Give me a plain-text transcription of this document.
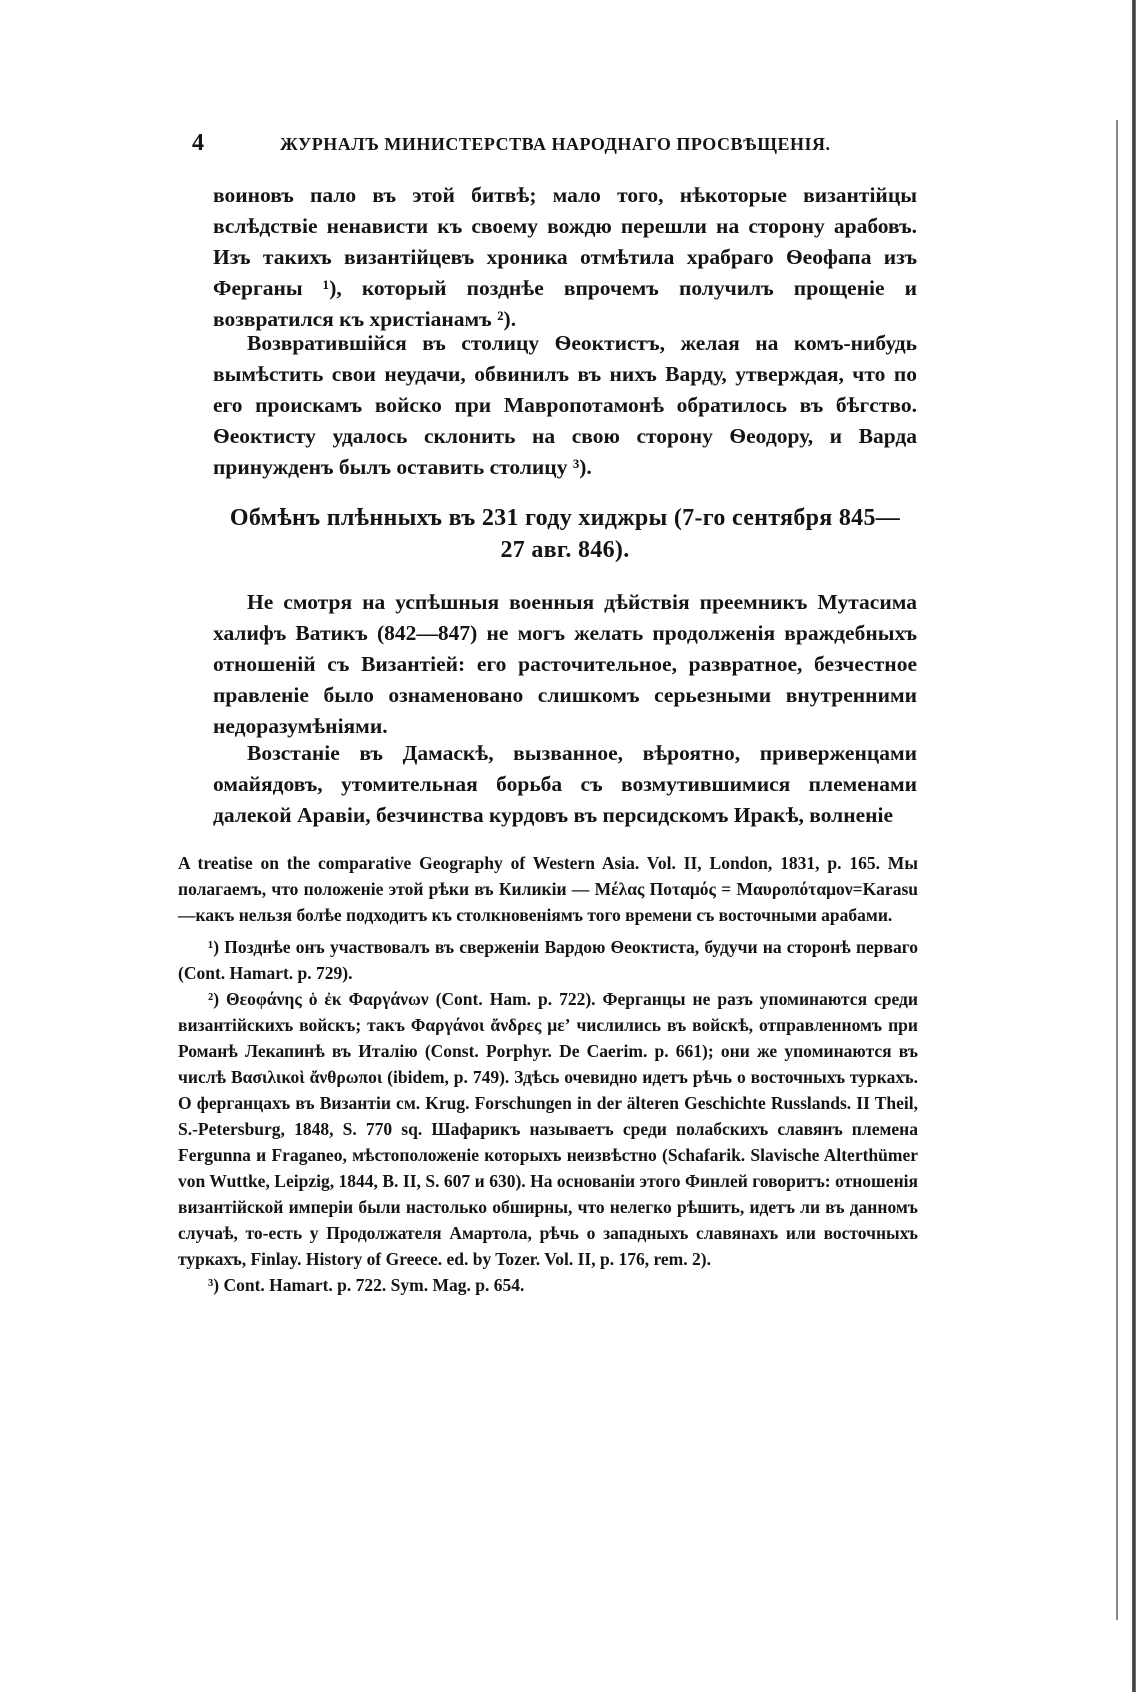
4	ЖУРНАЛЪ МИНИСТЕРСТВА НАРОДНАГО ПРОСВѢЩЕНІЯ.

воиновъ пало въ этой битвѣ; мало того, нѣкоторые византійцы вслѣдствіе ненависти къ своему вождю перешли на сторону арабовъ. Изъ такихъ византійцевъ хроника отмѣтила храбраго Ѳеофапа изъ Ферганы ¹), который позднѣе впрочемъ получилъ прощеніе и возвратился къ христіанамъ ²).

Возвратившійся въ столицу Ѳеоктистъ, желая на комъ-нибудь вымѣстить свои неудачи, обвинилъ въ нихъ Варду, утверждая, что по его проискамъ войско при Мавропотамонѣ обратилось въ бѣгство. Ѳеоктисту удалось склонить на свою сторону Ѳеодору, и Варда принужденъ былъ оставить столицу ³).

Обмѣнъ плѣнныхъ въ 231 году хиджры (7-го сентября 845—
27 авг. 846).

Не смотря на успѣшныя военныя дѣйствія преемникъ Мутасима халифъ Ватикъ (842—847) не могъ желать продолженія враждебныхъ отношеній съ Византіей: его расточительное, развратное, безчестное правленіе было ознаменовано слишкомъ серьезными внутренними недоразумѣніями.

Возстаніе въ Дамаскѣ, вызванное, вѣроятно, приверженцами омайядовъ, утомительная борьба съ возмутившимися племенами далекой Аравіи, безчинства курдовъ въ персидскомъ Иракѣ, волненіе

A treatise on the comparative Geography of Western Asia. Vol. II, London, 1831, p. 165. Мы полагаемъ, что положеніе этой рѣки въ Киликіи — Μέλας Ποταμός = Μαυροπόταμον=Karasu—какъ нельзя болѣе подходитъ къ столкновеніямъ того времени съ восточными арабами.

¹) Позднѣе онъ участвовалъ въ сверженіи Вардою Ѳеоктиста, будучи на сторонѣ перваго (Cont. Hamart. p. 729).

²) Θεοφάνης ὁ ἐκ Φαργάνων (Cont. Ham. p. 722). Ферганцы не разъ упоминаются среди византійскихъ войскъ; такъ Φαργάνοι ἄνδρες μεʼ числились въ войскѣ, отправленномъ при Романѣ Лекапинѣ въ Италію (Const. Porphyr. De Caerim. p. 661); они же упоминаются въ числѣ Βασιλικοὶ ἄνθρωποι (ibidem, p. 749). Здѣсь очевидно идетъ рѣчь о восточныхъ туркахъ. О ферганцахъ въ Византіи см. Krug. Forschungen in der älteren Geschichte Russlands. II Theil, S.-Petersburg, 1848, S. 770 sq. Шафарикъ называетъ среди полабскихъ славянъ племена Fergunna и Fraganeo, мѣстоположеніе которыхъ неизвѣстно (Schafarik. Slavische Alterthümer von Wuttke, Leipzig, 1844, B. II, S. 607 и 630). На основаніи этого Финлей говоритъ: отношенія византійской имперіи были настолько обширны, что нелегко рѣшить, идетъ ли въ данномъ случаѣ, то-есть у Продолжателя Амартола, рѣчь о западныхъ славянахъ или восточныхъ туркахъ, Finlay. History of Greece. ed. by Tozer. Vol. II, p. 176, rem. 2).

³) Cont. Hamart. p. 722. Sym. Mag. p. 654.
